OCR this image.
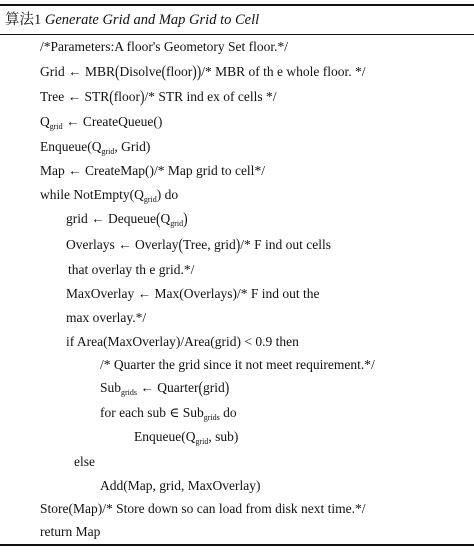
算法1 Generate Grid and Map Grid to Cell
/*Parameters:A floor's Geometory Set floor.*/
Grid ← MBR(Disolve(floor))/* MBR of th e whole floor. */
Tree ← STR(floor)/* STR ind ex of cells */
$Q_{grid}$ ← CreateQueue()
$Enqueue(Q_{grid}$, Grid)
Map ← CreateMap()/* Map grid to cell*/
while $NotEmpty(Q_{grid})$ do
grid ← $Dequeue(Q_{grid})$
Overlays ← Overlay(Tree, grid)/* F ind out cells
that overlay th e grid.*/
MaxOverlay ← Max(Overlays)/* F ind out the
max overlay.*/
if Area(MaxOverlay)/Area(grid) < 0.9 then
/* Quarter the grid since it not meet requirement.*/
Sub$_{grids}$ ← Quarter(grid)
for each sub ∈ Sub$_{grids}$ do
$Enqueue(Q_{grid}$, sub)
else
Add(Map, grid, MaxOverlay)
Store(Map)/* Store down so can load from disk next time.*/
return Map
